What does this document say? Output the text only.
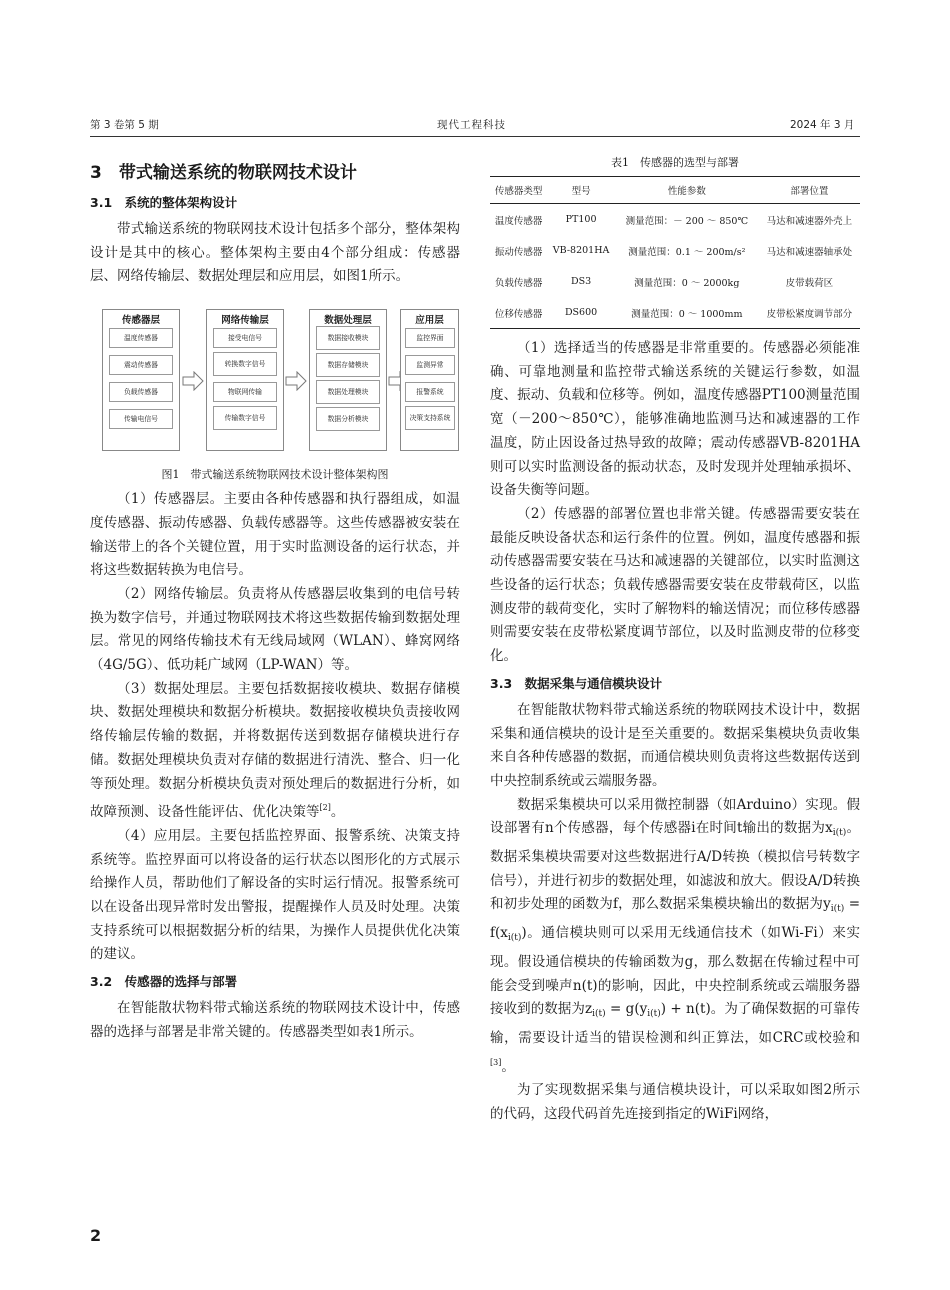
第 3 卷第 5 期	现代工程科技	2024 年 3 月
3　带式输送系统的物联网技术设计
3.1　系统的整体架构设计

带式输送系统的物联网技术设计包括多个部分，整体架构设计是其中的核心。整体架构主要由4个部分组成：传感器层、网络传输层、数据处理层和应用层，如图1所示。

传感器层
温度传感器
震动传感器
负载传感器
传输电信号
网络传输层
接受电信号
转换数字信号
物联网传输
传输数字信号
数据处理层
数据接收模块
数据存储模块
数据处理模块
数据分析模块
应用层
监控界面
监测异常
报警系统
决策支持系统
图1　带式输送系统物联网技术设计整体架构图

（1）传感器层。主要由各种传感器和执行器组成，如温度传感器、振动传感器、负载传感器等。这些传感器被安装在输送带上的各个关键位置，用于实时监测设备的运行状态，并将这些数据转换为电信号。

（2）网络传输层。负责将从传感器层收集到的电信号转换为数字信号，并通过物联网技术将这些数据传输到数据处理层。常见的网络传输技术有无线局域网（WLAN）、蜂窝网络（4G/5G）、低功耗广域网（LP-WAN）等。

（3）数据处理层。主要包括数据接收模块、数据存储模块、数据处理模块和数据分析模块。数据接收模块负责接收网络传输层传输的数据，并将数据传送到数据存储模块进行存储。数据处理模块负责对存储的数据进行清洗、整合、归一化等预处理。数据分析模块负责对预处理后的数据进行分析，如故障预测、设备性能评估、优化决策等[2]。

（4）应用层。主要包括监控界面、报警系统、决策支持系统等。监控界面可以将设备的运行状态以图形化的方式展示给操作人员，帮助他们了解设备的实时运行情况。报警系统可以在设备出现异常时发出警报，提醒操作人员及时处理。决策支持系统可以根据数据分析的结果，为操作人员提供优化决策的建议。

3.2　传感器的选择与部署

在智能散状物料带式输送系统的物联网技术设计中，传感器的选择与部署是非常关键的。传感器类型如表1所示。

表1　传感器的选型与部署
传感器类型	型号	性能参数	部署位置
温度传感器	PT100	测量范围：－ 200 ～ 850℃	马达和减速器外壳上
振动传感器	VB-8201HA	测量范围：0.1 ～ 200m/s²	马达和减速器轴承处
负载传感器	DS3	测量范围：0 ～ 2000kg	皮带载荷区
位移传感器	DS600	测量范围：0 ～ 1000mm	皮带松紧度调节部分

（1）选择适当的传感器是非常重要的。传感器必须能准确、可靠地测量和监控带式输送系统的关键运行参数，如温度、振动、负载和位移等。例如，温度传感器PT100测量范围宽（－200～850℃），能够准确地监测马达和减速器的工作温度，防止因设备过热导致的故障；震动传感器VB-8201HA则可以实时监测设备的振动状态，及时发现并处理轴承损坏、设备失衡等问题。

（2）传感器的部署位置也非常关键。传感器需要安装在最能反映设备状态和运行条件的位置。例如，温度传感器和振动传感器需要安装在马达和减速器的关键部位，以实时监测这些设备的运行状态；负载传感器需要安装在皮带载荷区，以监测皮带的载荷变化，实时了解物料的输送情况；而位移传感器则需要安装在皮带松紧度调节部位，以及时监测皮带的位移变化。

3.3　数据采集与通信模块设计

在智能散状物料带式输送系统的物联网技术设计中，数据采集和通信模块的设计是至关重要的。数据采集模块负责收集来自各种传感器的数据，而通信模块则负责将这些数据传送到中央控制系统或云端服务器。

数据采集模块可以采用微控制器（如Arduino）实现。假设部署有n个传感器，每个传感器i在时间t输出的数据为$x_{i(t)}$。数据采集模块需要对这些数据进行A/D转换（模拟信号转数字信号），并进行初步的数据处理，如滤波和放大。假设A/D转换和初步处理的函数为f，那么数据采集模块输出的数据为$y_{i(t)} = f(x_{i(t)})$。通信模块则可以采用无线通信技术（如Wi-Fi）来实现。假设通信模块的传输函数为g，那么数据在传输过程中可能会受到噪声n(t)的影响，因此，中央控制系统或云端服务器接收到的数据为$z_{i(t)} = g(y_{i(t)}) + n(t)$。为了确保数据的可靠传输，需要设计适当的错误检测和纠正算法，如CRC或校验和[3]。

为了实现数据采集与通信模块设计，可以采取如图2所示的代码，这段代码首先连接到指定的WiFi网络，

2
